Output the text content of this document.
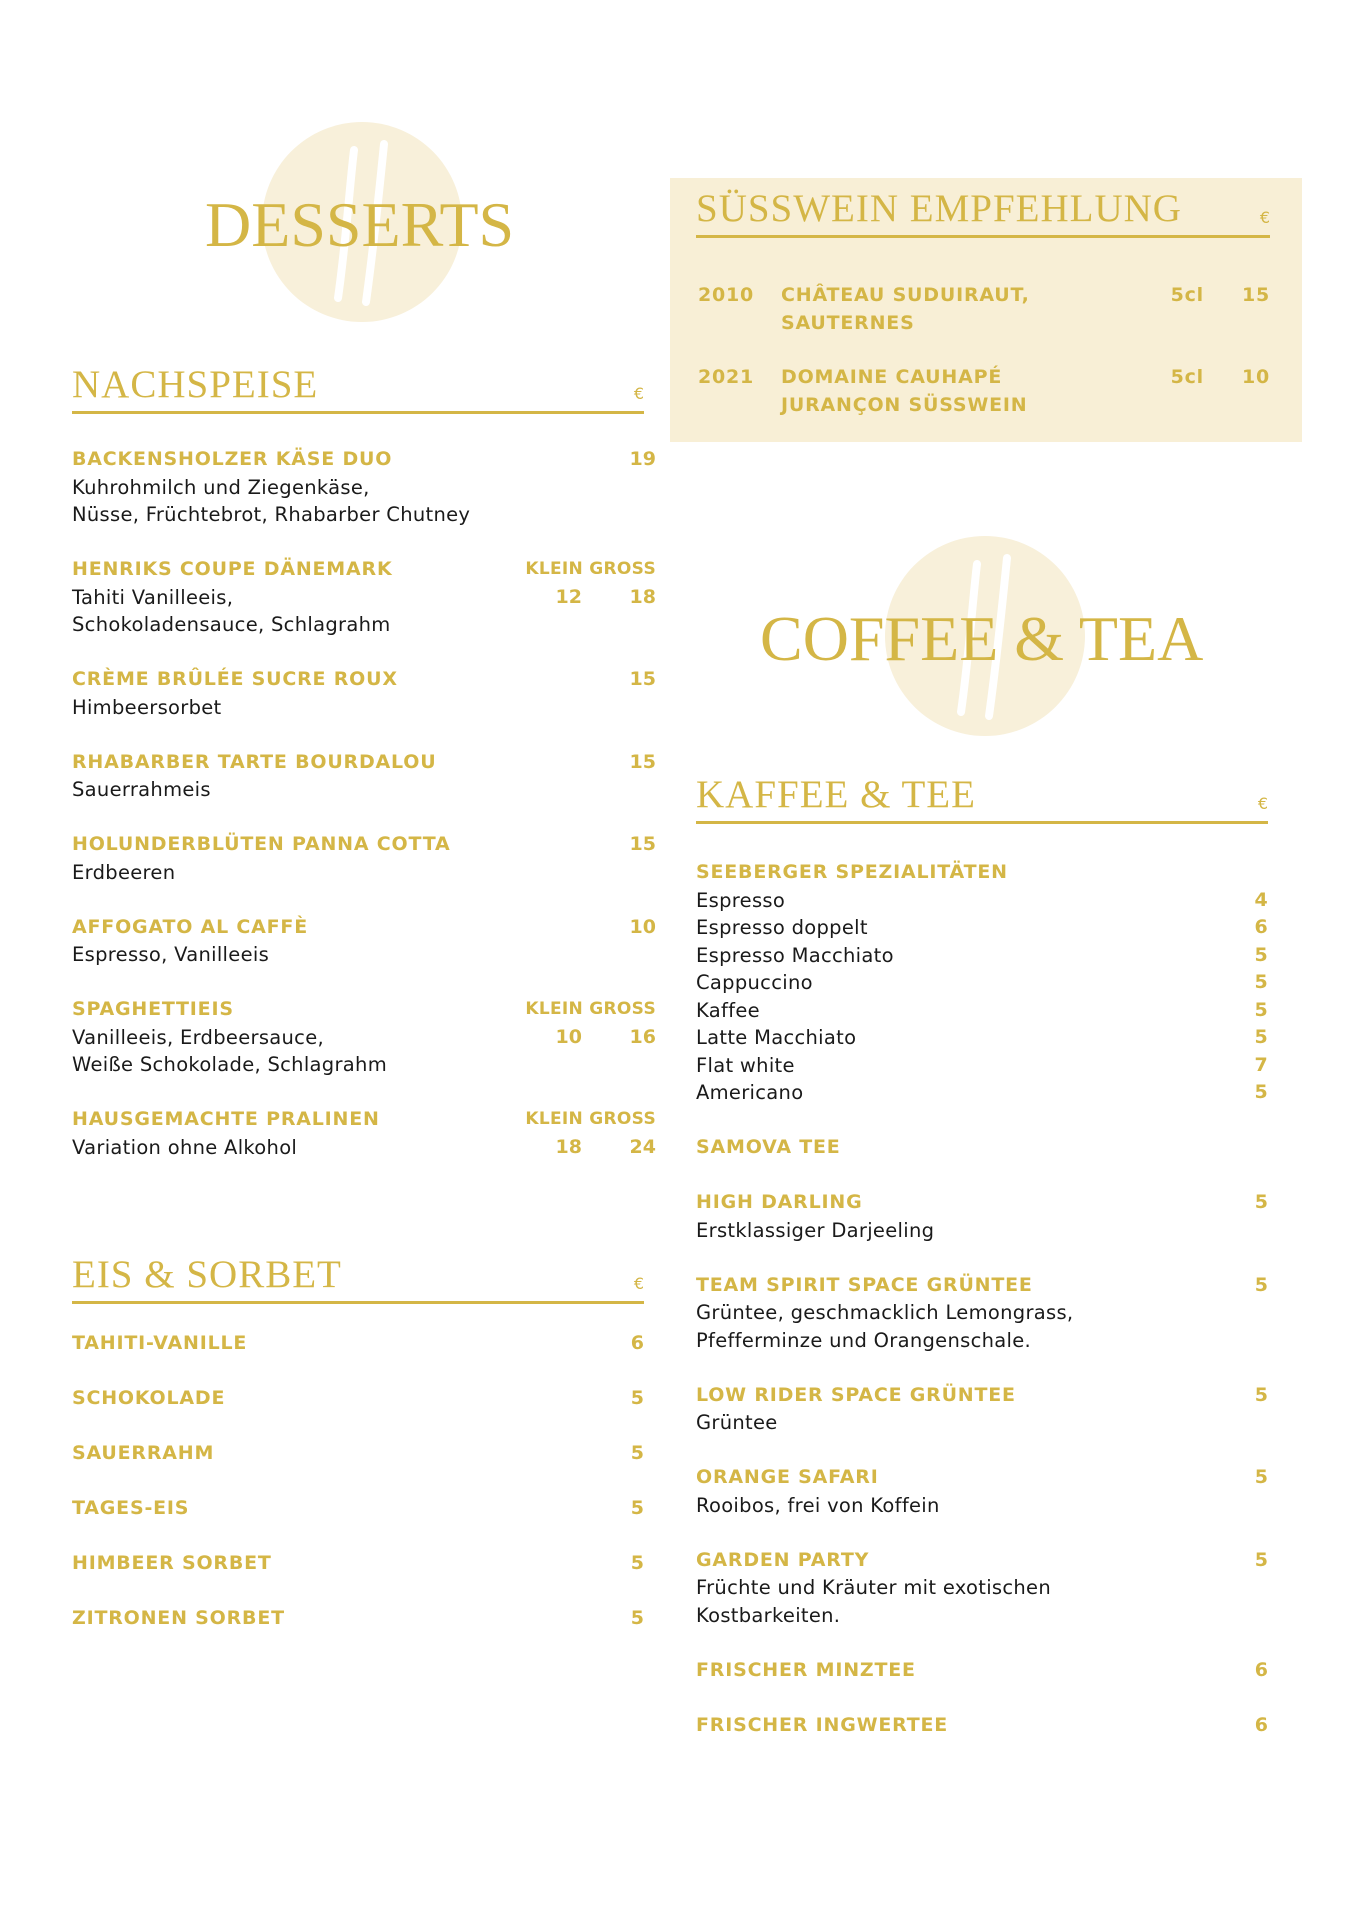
DESSERTS
COFFEE & TEA
SÜSSWEIN EMPFEHLUNG	€
2010 CHÂTEAU SUDUIRAUT,
SAUTERNES
5cl 15
2021 DOMAINE CAUHAPÉ
JURANÇON SÜSSWEIN
5cl 10
NACHSPEISE	€
BACKENSHOLZER KÄSE DUO
Kuhrohmilch und Ziegenkäse,
Nüsse, Früchtebrot, Rhabarber Chutney
19
HENRIKS COUPE DÄNEMARK
Tahiti Vanilleeis,
Schokoladensauce, Schlagrahm
KLEIN GROSS
12	18
CRÈME BRÛLÉE SUCRE ROUX
Himbeersorbet
15
RHABARBER TARTE BOURDALOU
Sauerrahmeis
15
HOLUNDERBLÜTEN PANNA COTTA
Erdbeeren
15
AFFOGATO AL CAFFÈ
Espresso, Vanilleeis
10
SPAGHETTIEIS
Vanilleeis, Erdbeersauce,
Weiße Schokolade, Schlagrahm
KLEIN GROSS
10	16
HAUSGEMACHTE PRALINEN
Variation ohne Alkohol
KLEIN GROSS
18	24
EIS & SORBET	€
TAHITI-VANILLE	6
SCHOKOLADE	5
SAUERRAHM	5
TAGES-EIS	5
HIMBEER SORBET	5
ZITRONEN SORBET	5
KAFFEE & TEE	€
SEEBERGER SPEZIALITÄTEN
Espresso	4
Espresso doppelt	6
Espresso Macchiato	5
Cappuccino	5
Kaffee	5
Latte Macchiato	5
Flat white	7
Americano	5
SAMOVA TEE
HIGH DARLING
Erstklassiger Darjeeling
5
TEAM SPIRIT SPACE GRÜNTEE
Grüntee, geschmacklich Lemongrass,
Pfefferminze und Orangenschale.
5
LOW RIDER SPACE GRÜNTEE
Grüntee
5
ORANGE SAFARI
Rooibos, frei von Koffein
5
GARDEN PARTY
Früchte und Kräuter mit exotischen
Kostbarkeiten.
5
FRISCHER MINZTEE	6
FRISCHER INGWERTEE	6
